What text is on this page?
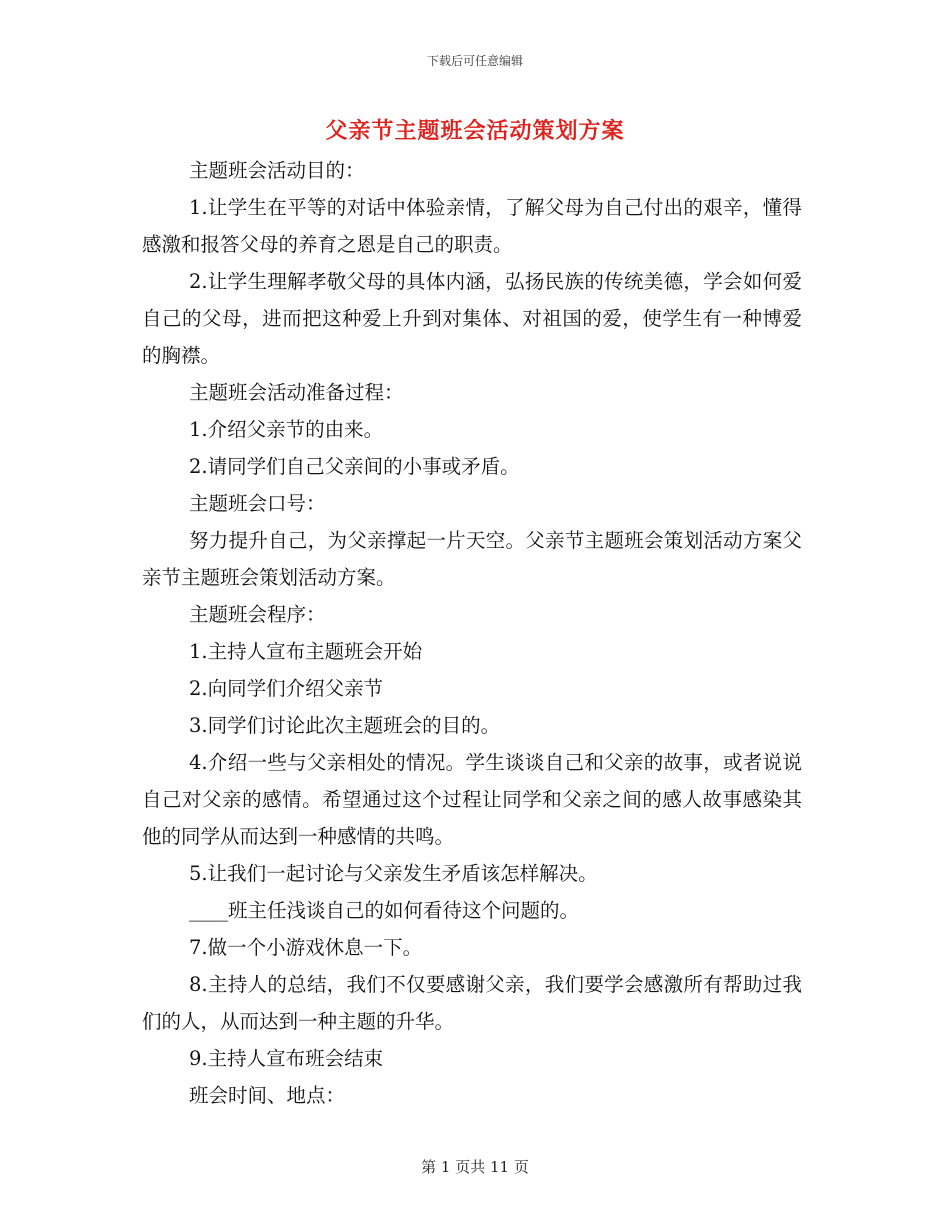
下载后可任意编辑
父亲节主题班会活动策划方案

主题班会活动目的：

1.让学生在平等的对话中体验亲情，了解父母为自己付出的艰辛，懂得感激和报答父母的养育之恩是自己的职责。

2.让学生理解孝敬父母的具体内涵，弘扬民族的传统美德，学会如何爱自己的父母，进而把这种爱上升到对集体、对祖国的爱，使学生有一种博爱的胸襟。

主题班会活动准备过程：

1.介绍父亲节的由来。

2.请同学们自己父亲间的小事或矛盾。

主题班会口号：

努力提升自己，为父亲撑起一片天空。父亲节主题班会策划活动方案父亲节主题班会策划活动方案。

主题班会程序：

1.主持人宣布主题班会开始

2.向同学们介绍父亲节

3.同学们讨论此次主题班会的目的。

4.介绍一些与父亲相处的情况。学生谈谈自己和父亲的故事，或者说说自己对父亲的感情。希望通过这个过程让同学和父亲之间的感人故事感染其他的同学从而达到一种感情的共鸣。

5.让我们一起讨论与父亲发生矛盾该怎样解决。

____班主任浅谈自己的如何看待这个问题的。

7.做一个小游戏休息一下。

8.主持人的总结，我们不仅要感谢父亲，我们要学会感激所有帮助过我们的人，从而达到一种主题的升华。

9.主持人宣布班会结束

班会时间、地点：

第 1 页共 11 页
